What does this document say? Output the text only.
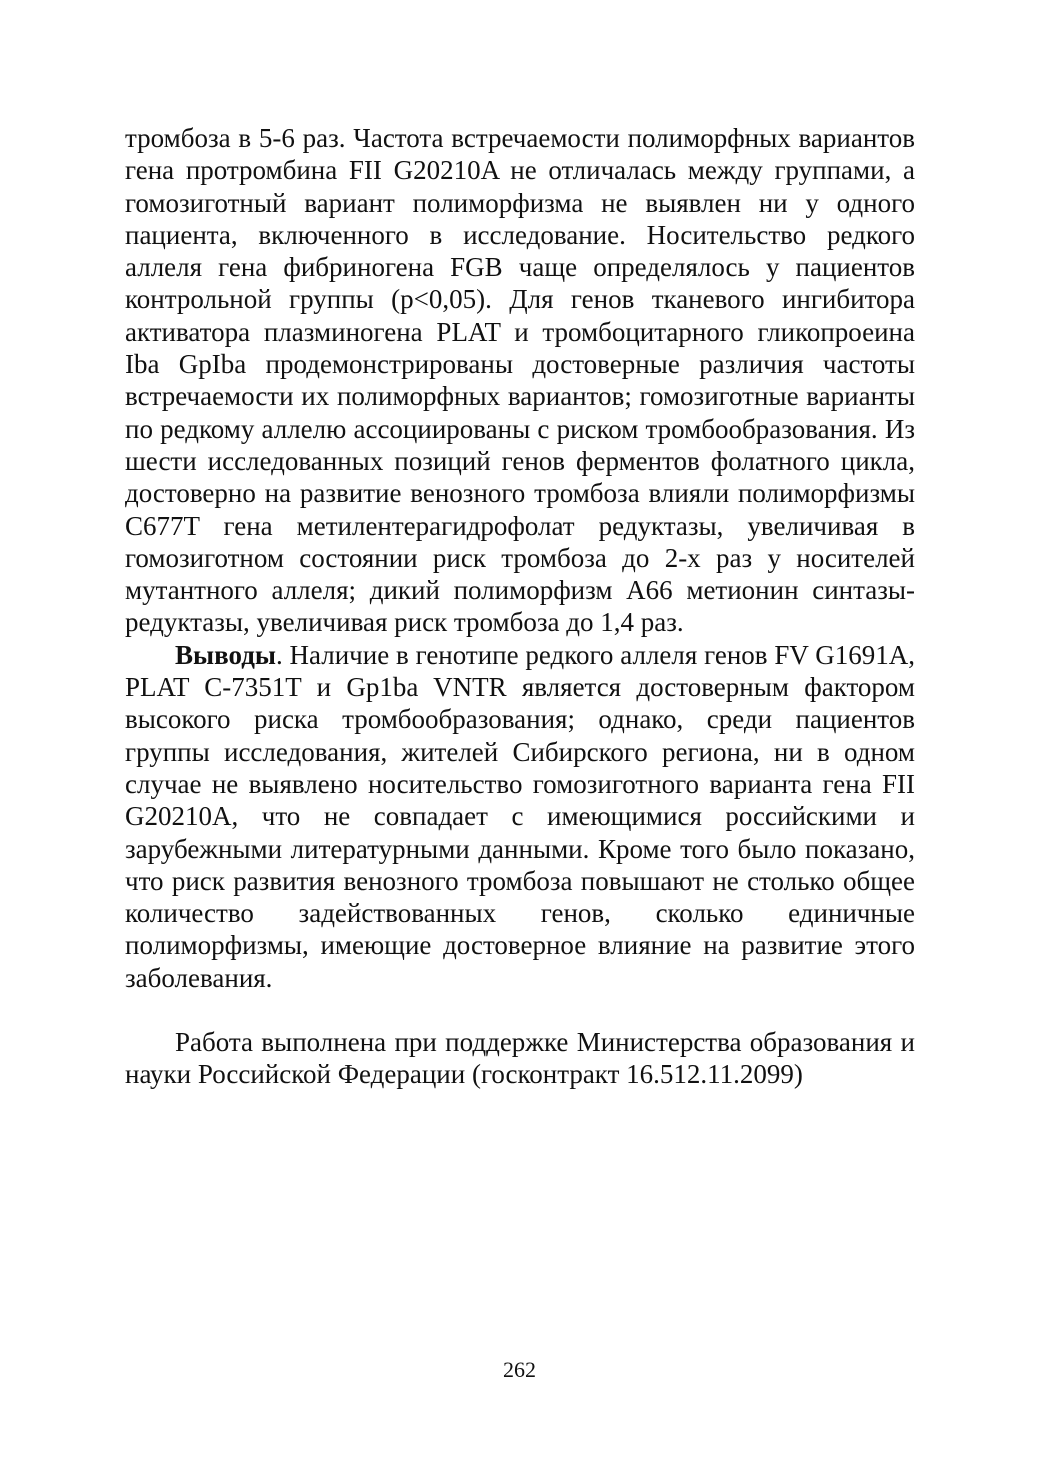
тромбоза в 5-6 раз. Частота встречаемости полиморфных вариантов гена протромбина FII G20210A не отличалась между группами, а гомозиготный вариант полиморфизма не выявлен ни у одного пациента, включенного в исследование. Носительство редкого аллеля гена фибриногена FGB чаще определялось у пациентов контрольной группы (p<0,05). Для генов тканевого ингибитора активатора плазминогена PLAT и тромбоцитарного гликопроеина Iba GpIba продемонстрированы достоверные различия частоты встречаемости их полиморфных вариантов; гомозиготные варианты по редкому аллелю ассоциированы с риском тромбообразования. Из шести исследованных позиций генов ферментов фолатного цикла, достоверно на развитие венозного тромбоза влияли полиморфизмы C677T гена метилентерагидрофолат редуктазы, увеличивая в гомозиготном состоянии риск тромбоза до 2-х раз у носителей мутантного аллеля; дикий полиморфизм A66 метионин синтазы-редуктазы, увеличивая риск тромбоза до 1,4 раз.

Выводы. Наличие в генотипе редкого аллеля генов FV G1691A, PLAT C-7351T и Gp1ba VNTR является достоверным фактором высокого риска тромбообразования; однако, среди пациентов группы исследования, жителей Сибирского региона, ни в одном случае не выявлено носительство гомозиготного варианта гена FII G20210A, что не совпадает с имеющимися российскими и зарубежными литературными данными. Кроме того было показано, что риск развития венозного тромбоза повышают не столько общее количество задействованных генов, сколько единичные полиморфизмы, имеющие достоверное влияние на развитие этого заболевания.

Работа выполнена при поддержке Министерства образования и науки Российской Федерации (госконтракт 16.512.11.2099)

262
